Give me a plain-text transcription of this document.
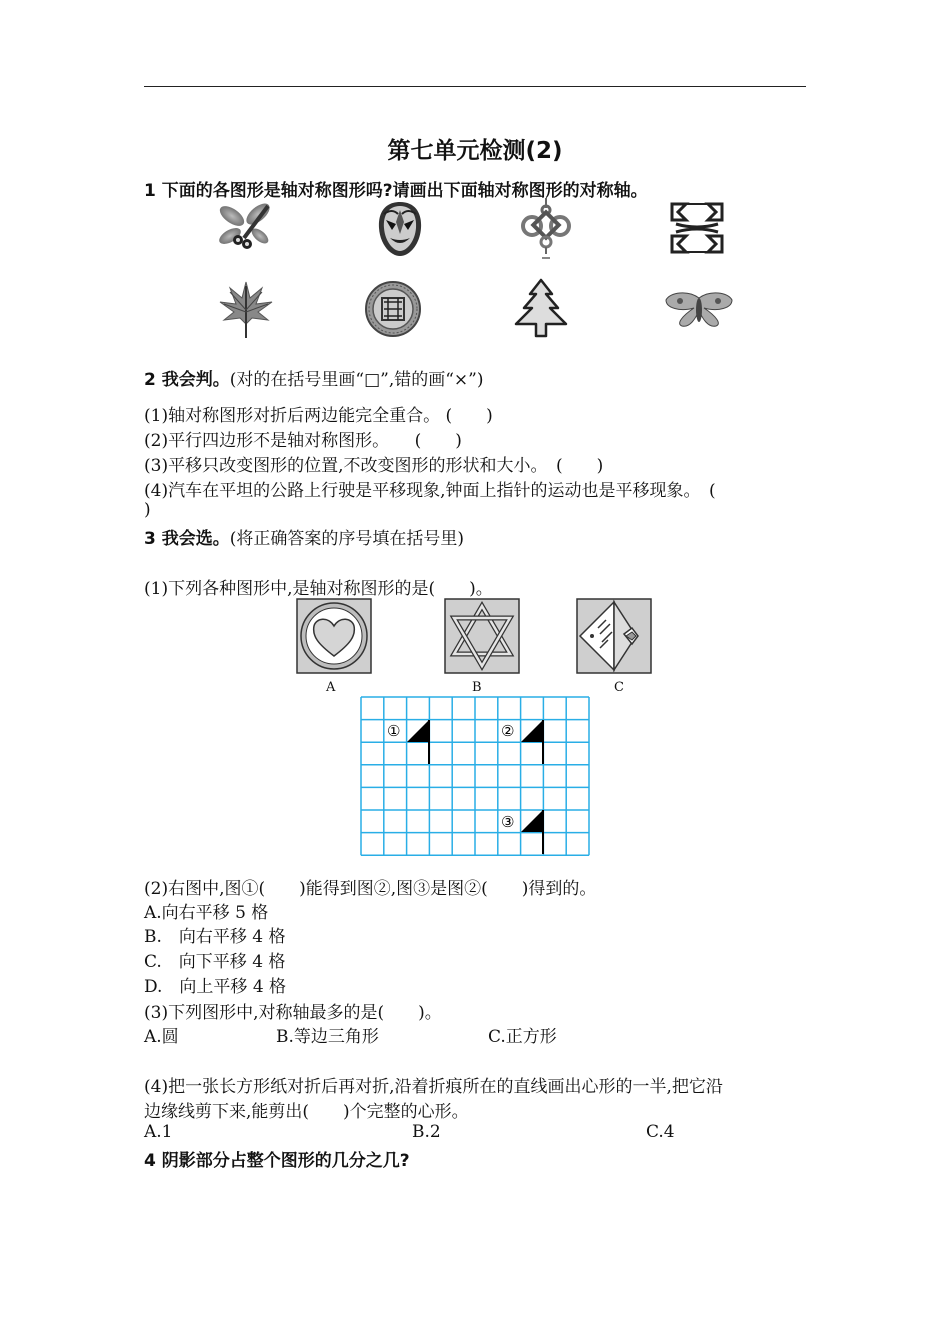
第七单元检测(2)
1 下面的各图形是轴对称图形吗?请画出下面轴对称图形的对称轴。
2 我会判。(对的在括号里画“□”,错的画“×”)
(1)轴对称图形对折后两边能完全重合。 (　　)
(2)平行四边形不是轴对称图形。　　(　　)
(3)平移只改变图形的位置,不改变图形的形状和大小。　(　　)
(4)汽车在平坦的公路上行驶是平移现象,钟面上指针的运动也是平移现象。　(
)
3 我会选。(将正确答案的序号填在括号里)
(1)下列各种图形中,是轴对称图形的是(　　)。
A	B	C
①	②
③
(2)右图中,图①(　　)能得到图②,图③是图②(　　)得到的。
A.向右平移 5 格
B.　向右平移 4 格
C.　向下平移 4 格
D.　向上平移 4 格
(3)下列图形中,对称轴最多的是(　　)。
A.圆	B.等边三角形	C.正方形
(4)把一张长方形纸对折后再对折,沿着折痕所在的直线画出心形的一半,把它沿
边缘线剪下来,能剪出(　　)个完整的心形。
A.1	B.2	C.4
4 阴影部分占整个图形的几分之几?
